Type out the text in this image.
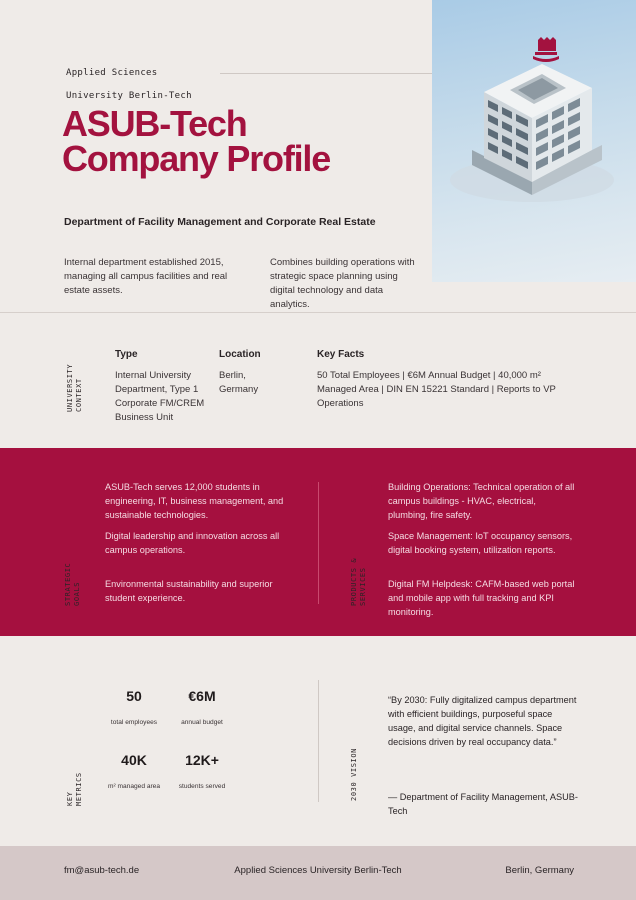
Applied Sciences
University Berlin-Tech
ASUB-Tech
Company Profile
Department of Facility Management and Corporate Real Estate
Internal department established 2015, managing all campus facilities and real estate assets.
Combines building operations with strategic space planning using digital technology and data analytics.
UNIVERSITY
CONTEXT
Type
Internal University Department, Type 1 Corporate FM/CREM Business Unit
Location
Berlin, Germany
Key Facts
50 Total Employees | €6M Annual Budget | 40,000 m² Managed Area | DIN EN 15221 Standard | Reports to VP Operations
STRATEGIC
GOALS
ASUB-Tech serves 12,000 students in engineering, IT, business management, and sustainable technologies.
Digital leadership and innovation across all campus operations.
Environmental sustainability and superior student experience.	PRODUCTS &
SERVICES
Building Operations: Technical operation of all campus buildings - HVAC, electrical, plumbing, fire safety.
Space Management: IoT occupancy sensors, digital booking system, utilization reports.
Digital FM Helpdesk: CAFM-based web portal and mobile app with full tracking and KPI monitoring.
KEY
METRICS
50
total employees
€6M
annual budget
40K
m² managed area
12K+
students served	2030 VISION
“By 2030: Fully digitalized campus department with efficient buildings, purposeful space usage, and digital service channels. Space decisions driven by real occupancy data.”
— Department of Facility Management, ASUB-Tech
fm@asub-tech.de	Applied Sciences University Berlin-Tech	Berlin, Germany
